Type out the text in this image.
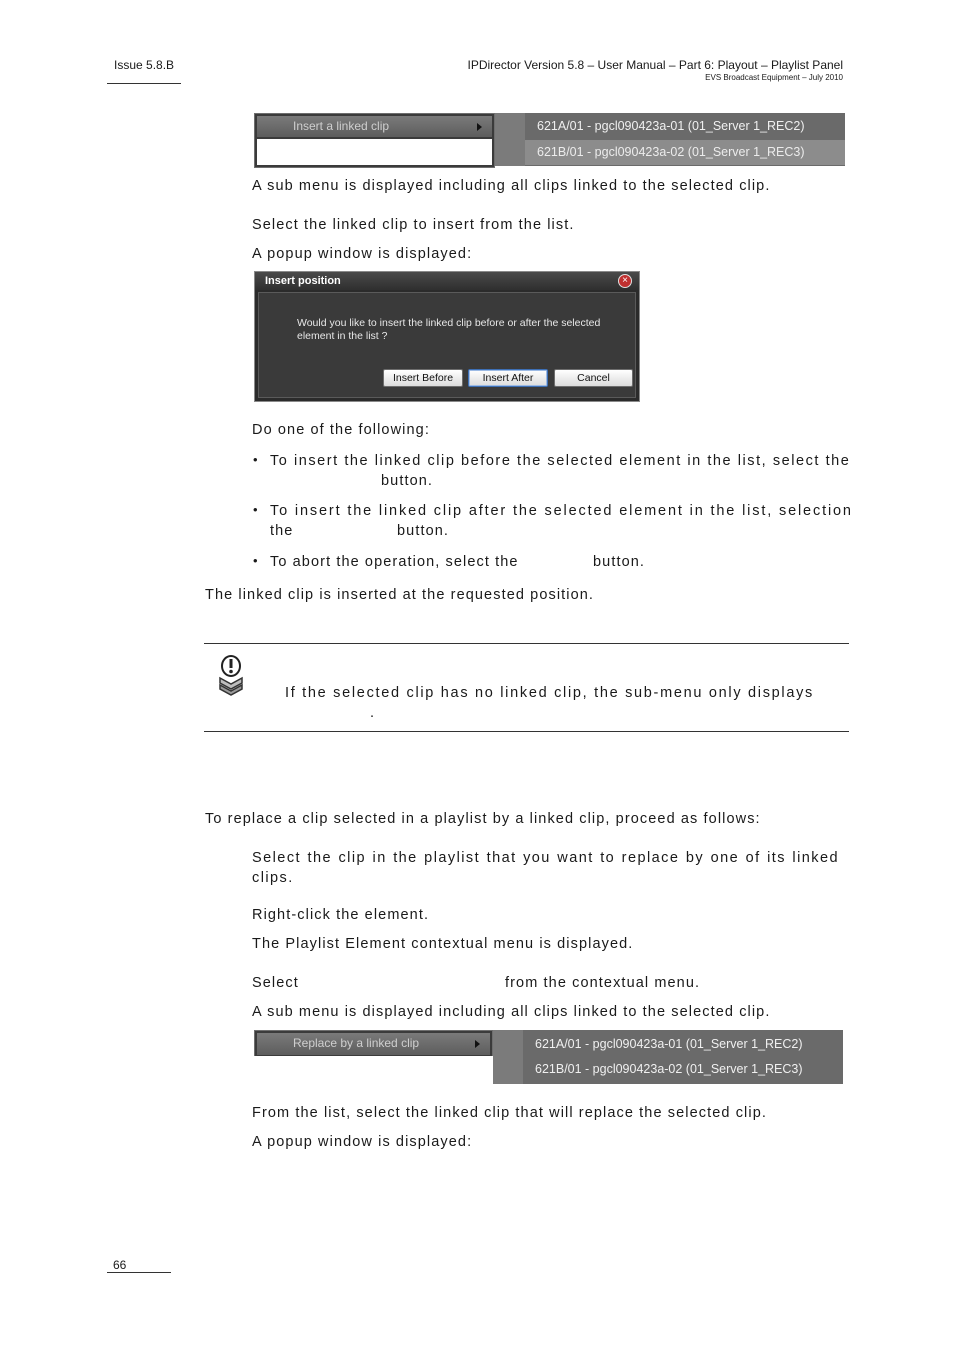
Issue 5.8.B	IPDirector Version 5.8 – User Manual – Part 6: Playout – Playlist Panel
EVS Broadcast Equipment – July 2010
Insert a linked clip	621A/01 - pgcl090423a-01 (01_Server 1_REC2)
621B/01 - pgcl090423a-02 (01_Server 1_REC3)
A sub menu is displayed including all clips linked to the selected clip.
Select the linked clip to insert from the list.
A popup window is displayed:
Insert position	×
Would you like to insert the linked clip before or after the selected element in the list ?
Insert Before	Insert After	Cancel
Do one of the following:
• To insert the linked clip before the selected element in the list, select the
button.
• To insert the linked clip after the selected element in the list, selection
the	button.
• To abort the operation, select the	button.
The linked clip is inserted at the requested position.
If the selected clip has no linked clip, the sub-menu only displays
.
To replace a clip selected in a playlist by a linked clip, proceed as follows:
Select the clip in the playlist that you want to replace by one of its linked clips.
Right-click the element.
The Playlist Element contextual menu is displayed.
Select	from the contextual menu.
A sub menu is displayed including all clips linked to the selected clip.
Replace by a linked clip	621A/01 - pgcl090423a-01 (01_Server 1_REC2)
621B/01 - pgcl090423a-02 (01_Server 1_REC3)
From the list, select the linked clip that will replace the selected clip.
A popup window is displayed:
66
